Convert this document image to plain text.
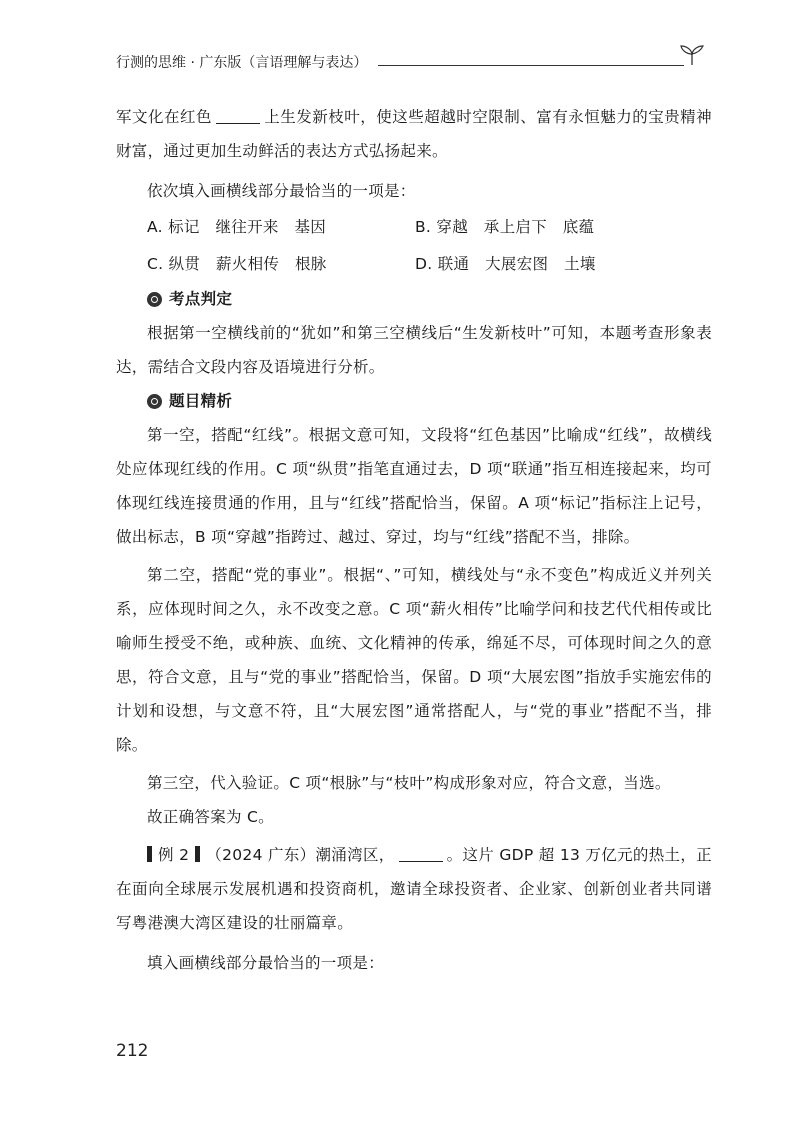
行测的思维 · 广东版（言语理解与表达）

军文化在红色	上生发新枝叶，使这些超越时空限制、富有永恒魅力的宝贵精神财富，通过更加生动鲜活的表达方式弘扬起来。

依次填入画横线部分最恰当的一项是：

A. 标记　继往开来　基因	B. 穿越　承上启下　底蕴
C. 纵贯　薪火相传　根脉	D. 联通　大展宏图　土壤
考点判定

根据第一空横线前的“犹如”和第三空横线后“生发新枝叶”可知，本题考查形象表达，需结合文段内容及语境进行分析。

题目精析

第一空，搭配“红线”。根据文意可知，文段将“红色基因”比喻成“红线”，故横线处应体现红线的作用。C 项“纵贯”指笔直通过去，D 项“联通”指互相连接起来，均可体现红线连接贯通的作用，且与“红线”搭配恰当，保留。A 项“标记”指标注上记号，做出标志，B 项“穿越”指跨过、越过、穿过，均与“红线”搭配不当，排除。

第二空，搭配“党的事业”。根据“、”可知，横线处与“永不变色”构成近义并列关系，应体现时间之久，永不改变之意。C 项“薪火相传”比喻学问和技艺代代相传或比喻师生授受不绝，或种族、血统、文化精神的传承，绵延不尽，可体现时间之久的意思，符合文意，且与“党的事业”搭配恰当，保留。D 项“大展宏图”指放手实施宏伟的计划和设想，与文意不符，且“大展宏图”通常搭配人，与“党的事业”搭配不当，排除。

第三空，代入验证。C 项“根脉”与“枝叶”构成形象对应，符合文意，当选。

故正确答案为 C。

例 2 （2024 广东）潮涌湾区，	。这片 GDP 超 13 万亿元的热土，正在面向全球展示发展机遇和投资商机，邀请全球投资者、企业家、创新创业者共同谱写粤港澳大湾区建设的壮丽篇章。

填入画横线部分最恰当的一项是：

212
